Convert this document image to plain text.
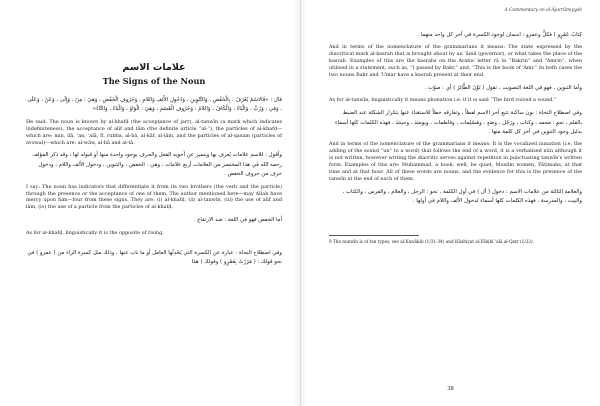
علامات الاسم
The Signs of the Noun

قال : «فَالاسْمُ يُعْرَفُ : بِالْخَفْضِ ، وَالتَّنْوِينِ ، وَدُخُولِ الأَلِفِ وَاللامِ ، وَحُرُوفِ الْخَفْضِ ، وَهِيَ : مِنْ ، وَإِلَى ، وَعَنْ ، وَعَلَى ، وَفِي ، وَرُبَّ ، وَالْبَاءُ ، وَالْكَافُ ، وَاللامُ ، وَحُرُوفِ الْقَسَمِ ، وَهِيَ : الْوَاوُ ، وَالْبَاءُ ، وَالتَّاءُ»

He said: The noun is known by al-khafḍ (the acceptance of jarr), al-tanwīn (a mark which indicates indefiniteness), the acceptance of alif and lām (the definite article “al-”), the particles of al-khafḍ—which are: min, ilā, ‘an, ‘alā, fī, rubba, al-bā, al-kāf, al-lām, and the particles of al-qasam (particles of avowal)—which are: al-wāw, al-bā and al-tā.

وأقول : للاسم علامات يُعرف بها ويتميز عن أخويه الفعل والحرف بوجود واحدة منها أو قبوله لها ، وقد ذكر المؤلف رحمه الله في هذا المختصر من العلامات أربع علامات ، وهي : الخفض ، والتنوين ، ودخول الألف واللام ، ودخول حرف من حروف الخفض .

I say: The noun has indicators that differentiate it from its two brothers (the verb and the particle) through the presence or the acceptance of one of them. The author mentioned here—may Allah have mercy upon him—four from these signs. They are: (i) al-khafḍ, (ii) al-tanwīn, (iii) the use of alif and lām, (iv) the use of a particle from the particles of al-khafḍ.

أما الخفض فهو في اللغة : ضد الارتفاع .

As for al-khafḍ, linguistically it is the opposite of rising.

وفي اصطلاح النحاة : عبارة عن الكسرة التي يُحْدِثُها العامل أو ما ناب عنها ، وذلك مثل كسرة الراء من ( عمرو ) في نحو قولك : ( مَرَرْتُ بِعَمْرٍو ) وفولك ( هذا

A Commentary on al-Ājurrūmiyyah

كِتابُ عَمْرٍو ) فكلٌّ وعمرو : اسمان لوجود الكسرة في آخر كل واحد منهما .

And in terms of the nomenclature of the grammarians it means: The state expressed by the diacritical mark al-kasrah that is brought about by an ‘āmil (governor), or what takes the place of the kasrah. Examples of this are the kasrahs on the Arabic letter rā in “Bakrin” and “Amrin”, when utilised in a statement, such as, “I passed by Bakr,” and, “This is the book of ‘Amr.” In both cases the two nouns Bakr and ‘Umar have a kasrah present at their end.

وأما التنوين ، فهو في اللغة التصويت ، تقول ( نَوَّنَ الطَّائِرُ ) أي : صوّت .

As for al-tanwīn, linguistically it means phonation i.e. if it is said “The bird voiced a sound.”

وفي اصطلاح النحاة : نون ساكنة تتبع آخر الاسم لفظاً ، وتفارقه خطاً للاستغناء عنها بتكرار الشكلة عند الضبط بالقلم ، نحو : محمد ، وكتاب ، ورَجُل ، وصَهٍ ، ومُسْلِمات ، وفاطمات ، ويومئذ ، وحينئذ ، فهذه الكلمات كلها أسماء بدليل وجود التنوين في آخر كل كلمة منها .

And in terms of the nomenclature of the grammarians it means: It is the vocalized nunation (i.e. the adding of the sound “un” to a word) that follows the end of a word, it is a verbalised nūn although it is not written, however writing the diacritic serves against repetition in punctuating tanwīn’s written form. Examples of this are: Muhammad, a book, well, be quiet, Muslim women, Fāṭimahs, at that time and at that hour. All of these words are nouns, and the evidence for this is the presence of the tanwīn at the end of each of them.

والعلامة الثالثة من علامات الاسم : دخول ( أل ) في أول الكلمة ، نحو : الرجل ، والغلام ، والفرس ، والكتاب ، والبيت ، والمدرسة ، فهذه الكلمات كلها أسماء لدخول الألف واللام في أولها .

9 The nunwīn is of ten types, see al-Kawākib (1/31-34) and Ḥāshiyat al-Fākihī ‘alā al-Qaṭr (1/22).

38
